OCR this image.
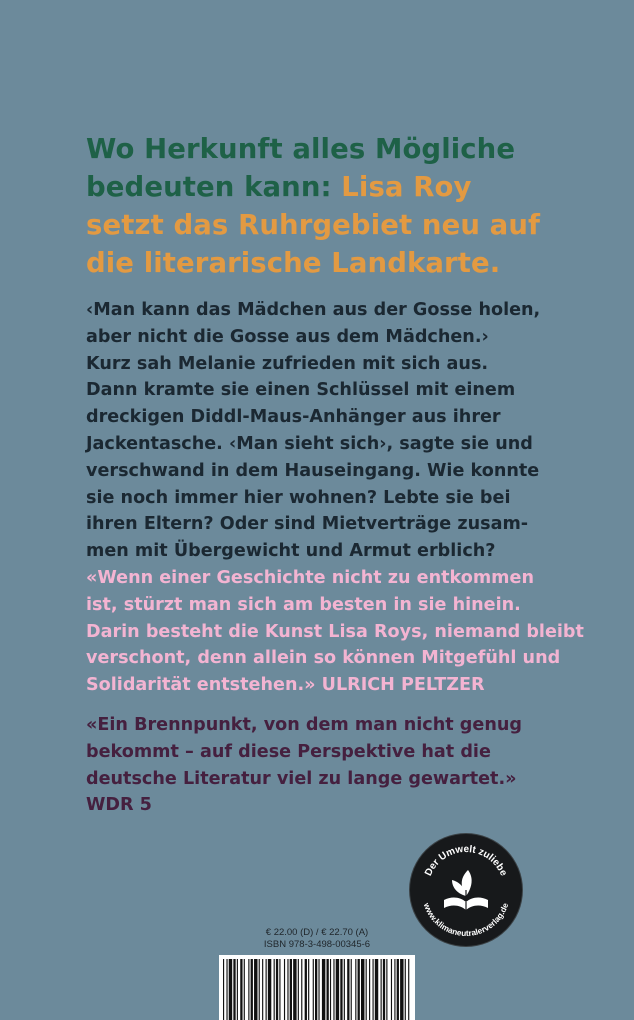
Wo Herkunft alles Mögliche bedeuten kann: Lisa Roy setzt das Ruhrgebiet neu auf die literarische Landkarte.

‹Man kann das Mädchen aus der Gosse holen,
aber nicht die Gosse aus dem Mädchen.›
Kurz sah Melanie zufrieden mit sich aus.
Dann kramte sie einen Schlüssel mit einem
dreckigen Diddl-Maus-Anhänger aus ihrer
Jackentasche. ‹Man sieht sich›, sagte sie und
verschwand in dem Hauseingang. Wie konnte
sie noch immer hier wohnen? Lebte sie bei
ihren Eltern? Oder sind Mietverträge zusam-
men mit Übergewicht und Armut erblich?

«Wenn einer Geschichte nicht zu entkommen
ist, stürzt man sich am besten in sie hinein.
Darin besteht die Kunst Lisa Roys, niemand bleibt
verschont, denn allein so können Mitgefühl und
Solidarität entstehen.» ULRICH PELTZER

«Ein Brennpunkt, von dem man nicht genug
bekommt – auf diese Perspektive hat die
deutsche Literatur viel zu lange gewartet.»
WDR 5

Der Umwelt zuliebe
www.klimaneutralerverlag.de
€ 22.00 (D) / € 22.70 (A)
ISBN 978-3-498-00345-6
